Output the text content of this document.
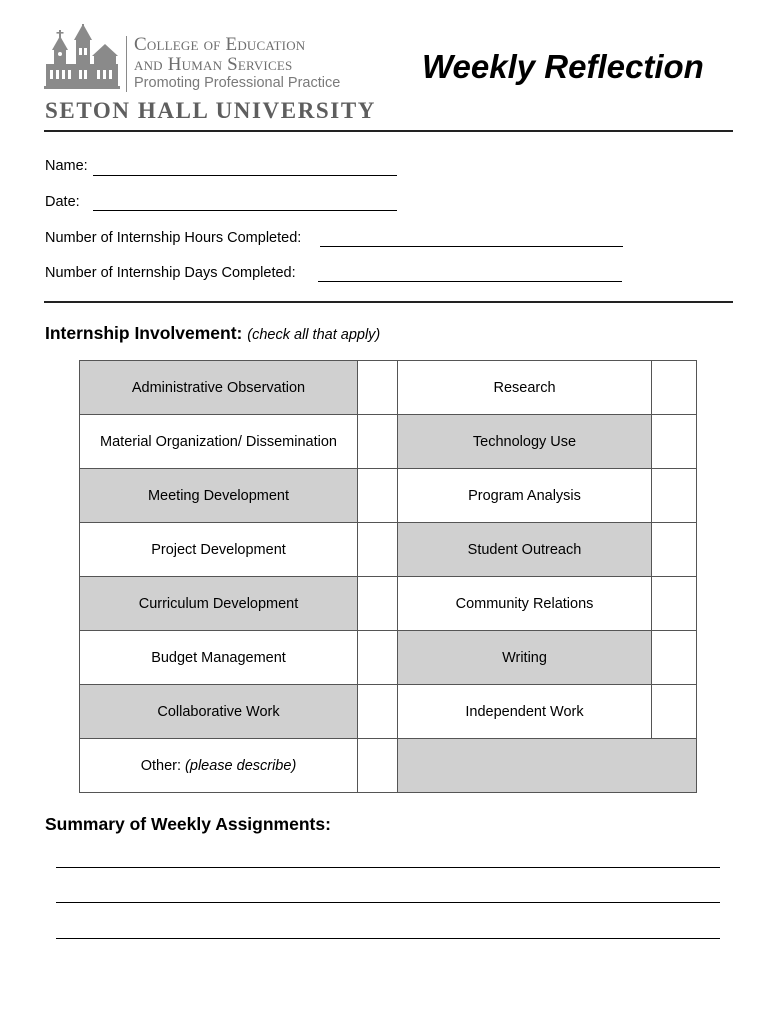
College of Education
and Human Services
Promoting Professional Practice
SETON HALL UNIVERSITY
Weekly Reflection
Name:
Date:
Number of Internship Hours Completed:
Number of Internship Days Completed:
Internship Involvement: (check all that apply)
Administrative Observation		Research	

Material Organization/ Dissemination		Technology Use	

Meeting Development		Program Analysis	

Project Development		Student Outreach	

Curriculum Development		Community Relations	

Budget Management		Writing	

Collaborative Work		Independent Work	

Other: (please describe)		

Summary of Weekly Assignments:
